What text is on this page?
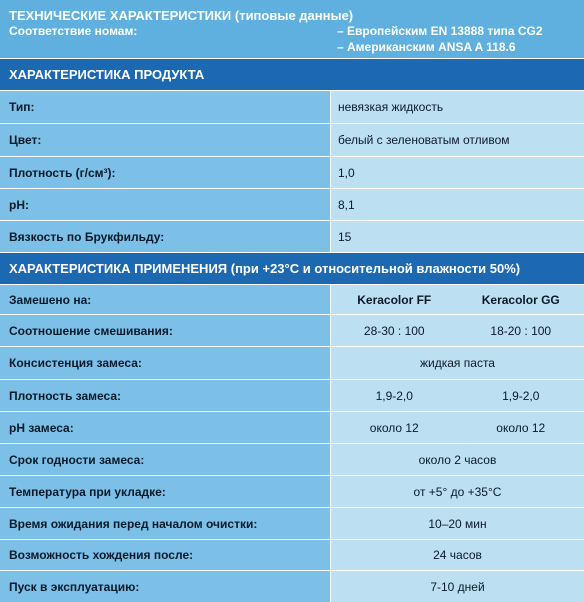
ТЕХНИЧЕСКИЕ ХАРАКТЕРИСТИКИ (типовые данные)
Соответствие номам:	– Европейским EN 13888 типа CG2
– Американским ANSA A 118.6
ХАРАКТЕРИСТИКА ПРОДУКТА
Тип:	невязкая жидкость
Цвет:	белый с зеленоватым отливом
Плотность (г/см³):	1,0
pH:	8,1
Вязкость по Брукфильду:	15
ХАРАКТЕРИСТИКА ПРИМЕНЕНИЯ (при +23°С и относительной влажности 50%)
Замешено на:	Keracolor FF	Keracolor GG
Соотношение смешивания:	28-30 : 100	18-20 : 100
Консистенция замеса:	жидкая паста
Плотность замеса:	1,9-2,0	1,9-2,0
рН замеса:	около 12	около 12
Срок годности замеса:	около 2 часов
Температура при укладке:	от +5° до +35°С
Время ожидания перед началом очистки:	10–20 мин
Возможность хождения после:	24 часов
Пуск в эксплуатацию:	7-10 дней
